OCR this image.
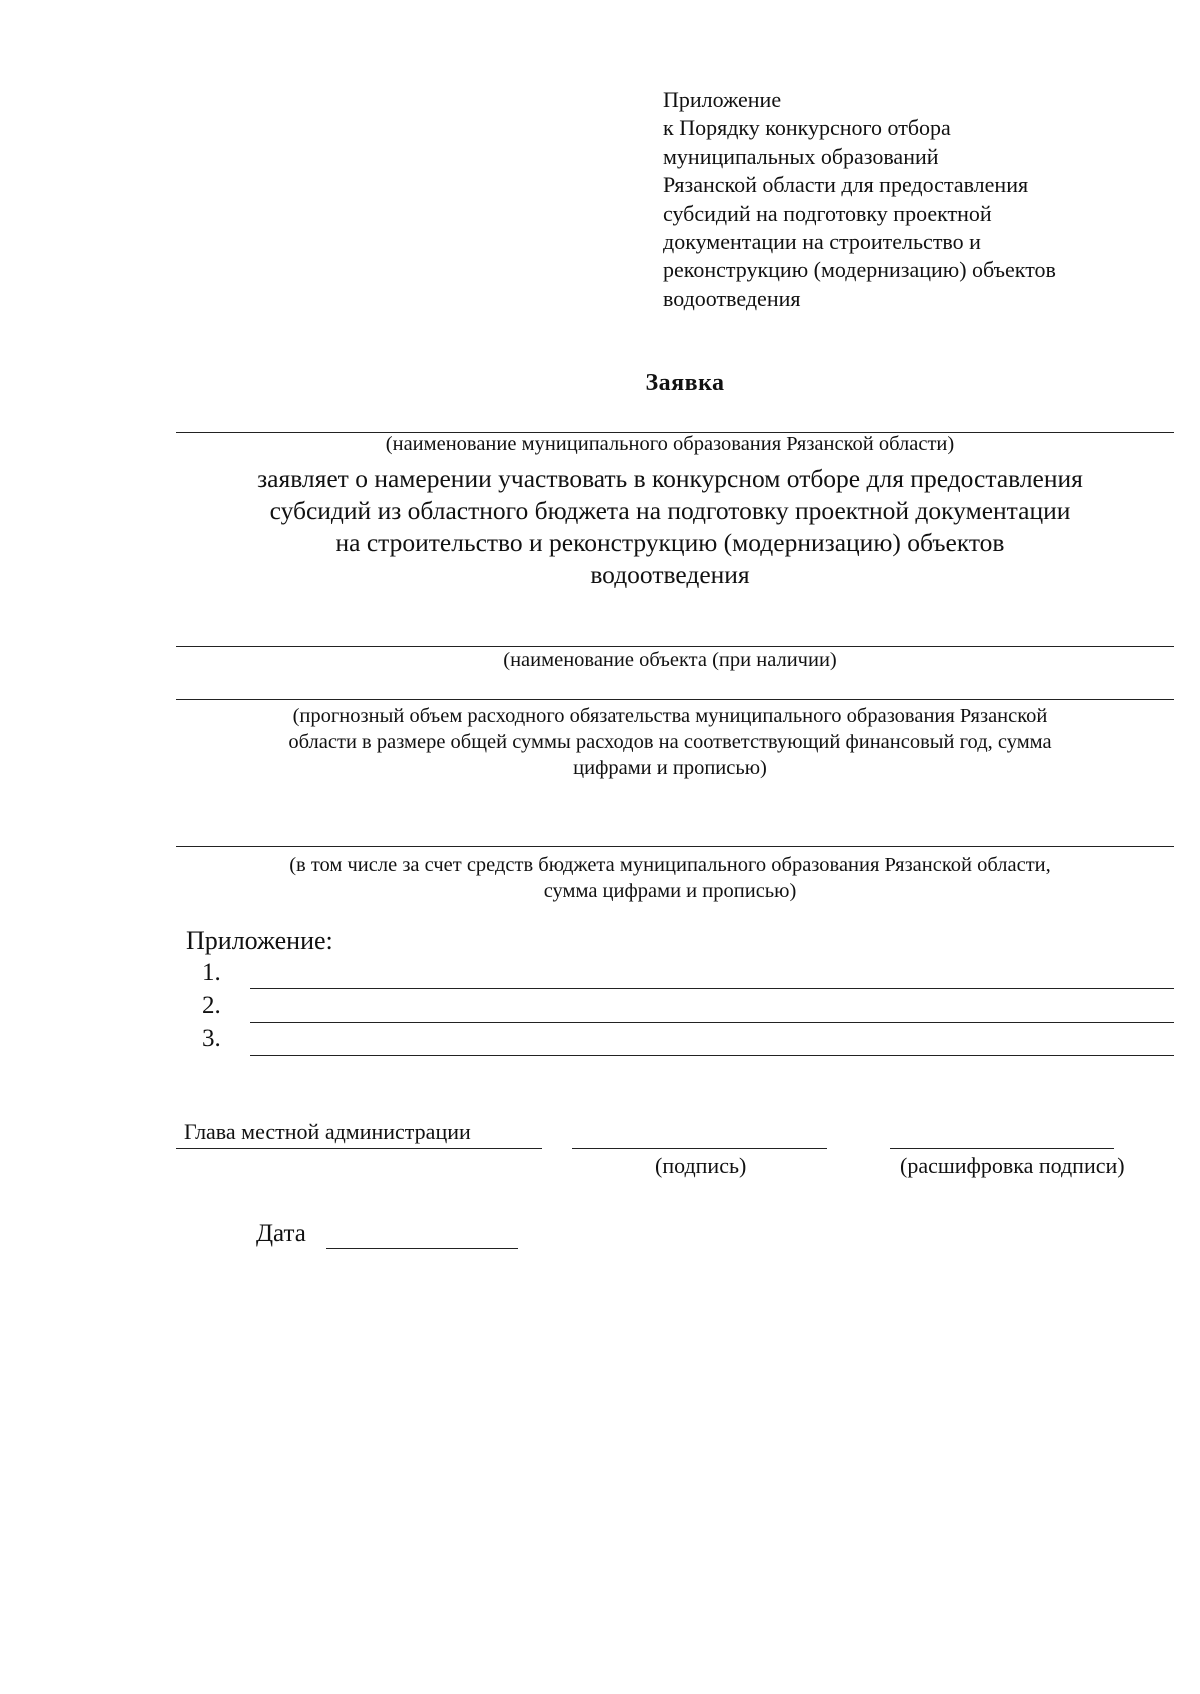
Приложение
к Порядку конкурсного отбора
муниципальных образований
Рязанской области для предоставления
субсидий на подготовку проектной
документации на строительство и
реконструкцию (модернизацию) объектов
водоотведения
Заявка
(наименование муниципального образования Рязанской области)
заявляет о намерении участвовать в конкурсном отборе для предоставления
субсидий из областного бюджета на подготовку проектной документации
на строительство и реконструкцию (модернизацию) объектов
водоотведения
(наименование объекта (при наличии)
(прогнозный объем расходного обязательства муниципального образования Рязанской
области в размере общей суммы расходов на соответствующий финансовый год, сумма
цифрами и прописью)
(в том числе за счет средств бюджета муниципального образования Рязанской области,
сумма цифрами и прописью)
Приложение:
1.
2.
3.
Глава местной администрации
(подпись)	(расшифровка подписи)
Дата
